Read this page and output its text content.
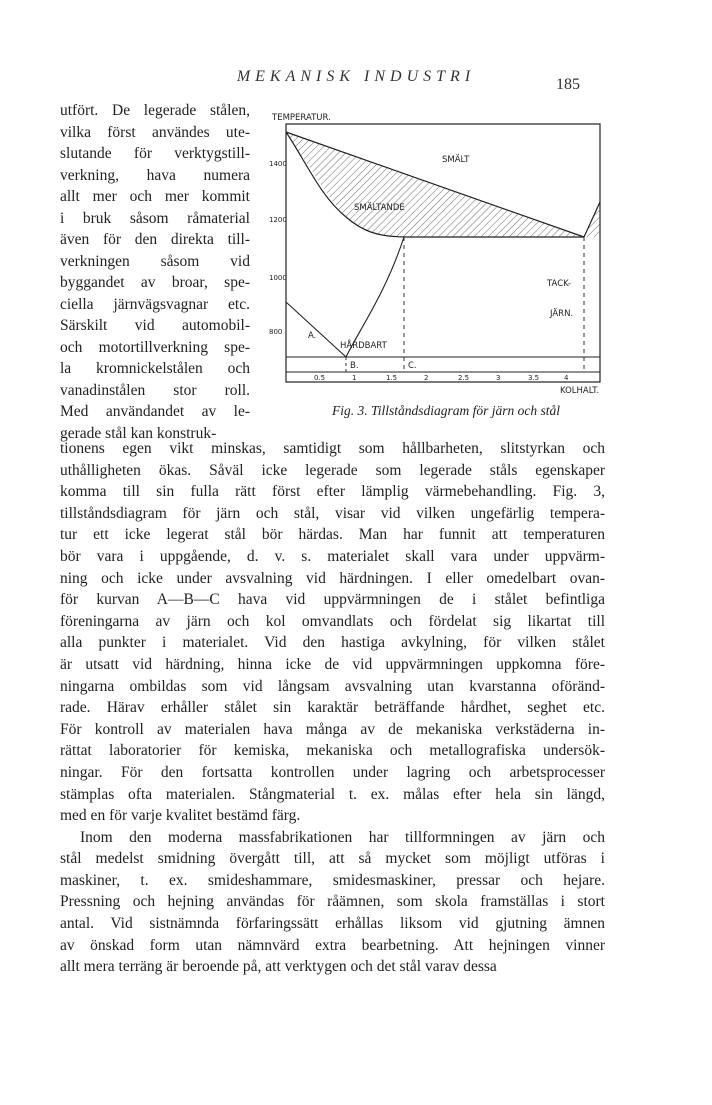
MEKANISK INDUSTRI	185
utfört. De legerade stålen,
vilka först användes ute-
slutande för verktygstill-
verkning, hava numera
allt mer och mer kommit
i bruk såsom råmaterial
även för den direkta till-
verkningen såsom vid
byggandet av broar, spe-
ciella järnvägsvagnar etc.
Särskilt vid automobil-
och motortillverkning spe-
la kromnickelstålen och
vanadinstålen stor roll.
Med användandet av le-
gerade stål kan konstruk-
TEMPERATUR.
1400
1200
1000
800
0.5	1	1.5	2	2.5	3	3.5	4
SMÄLT
SMÄLTANDE
TACK-
JÄRN.
HÅRDBART
A.
B.	C.
KOLHALT.
Fig. 3. Tillståndsdiagram för järn och stål
tionens egen vikt minskas, samtidigt som hållbarheten, slitstyrkan och
uthålligheten ökas. Såväl icke legerade som legerade ståls egenskaper
komma till sin fulla rätt först efter lämplig värmebehandling. Fig. 3,
tillståndsdiagram för järn och stål, visar vid vilken ungefärlig tempera-
tur ett icke legerat stål bör härdas. Man har funnit att temperaturen
bör vara i uppgående, d. v. s. materialet skall vara under uppvärm-
ning och icke under avsvalning vid härdningen. I eller omedelbart ovan-
för kurvan A—B—C hava vid uppvärmningen de i stålet befintliga
föreningarna av järn och kol omvandlats och fördelat sig likartat till
alla punkter i materialet. Vid den hastiga avkylning, för vilken stålet
är utsatt vid härdning, hinna icke de vid uppvärmningen uppkomna före-
ningarna ombildas som vid långsam avsvalning utan kvarstanna oföränd-
rade. Härav erhåller stålet sin karaktär beträffande hårdhet, seghet etc.
För kontroll av materialen hava många av de mekaniska verkstäderna in-
rättat laboratorier för kemiska, mekaniska och metallografiska undersök-
ningar. För den fortsatta kontrollen under lagring och arbetsprocesser
stämplas ofta materialen. Stångmaterial t. ex. målas efter hela sin längd,
med en för varje kvalitet bestämd färg.
Inom den moderna massfabrikationen har tillformningen av järn och
stål medelst smidning övergått till, att så mycket som möjligt utföras i
maskiner, t. ex. smideshammare, smidesmaskiner, pressar och hejare.
Pressning och hejning användas för råämnen, som skola framställas i stort
antal. Vid sistnämnda förfaringssätt erhållas liksom vid gjutning ämnen
av önskad form utan nämnvärd extra bearbetning. Att hejningen vinner
allt mera terräng är beroende på, att verktygen och det stål varav dessa
